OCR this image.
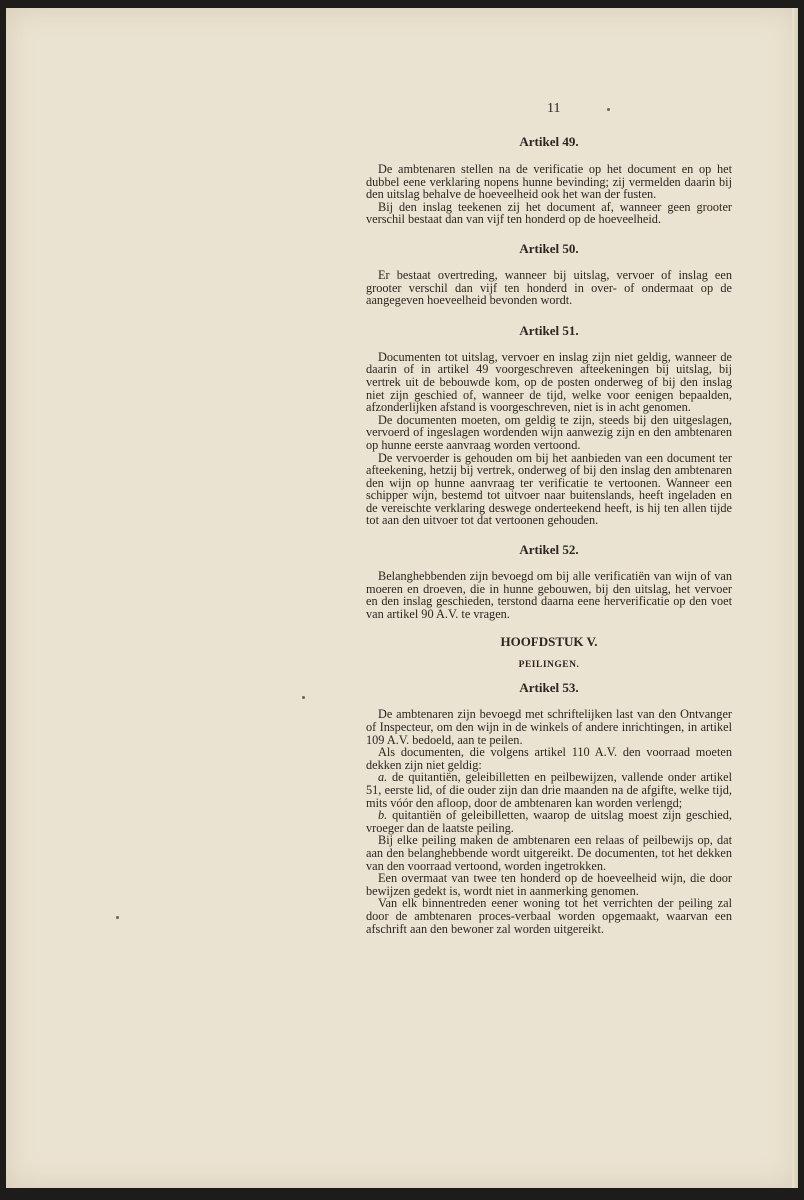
11
Artikel 49.

De ambtenaren stellen na de verificatie op het document en op het dubbel eene verklaring nopens hunne bevinding; zij vermelden daarin bij den uitslag behalve de hoeveelheid ook het wan der fusten.

Bij den inslag teekenen zij het document af, wanneer geen grooter verschil bestaat dan van vijf ten honderd op de hoeveelheid.

Artikel 50.

Er bestaat overtreding, wanneer bij uitslag, vervoer of inslag een grooter verschil dan vijf ten honderd in over- of ondermaat op de aangegeven hoeveelheid bevonden wordt.

Artikel 51.

Documenten tot uitslag, vervoer en inslag zijn niet geldig, wanneer de daarin of in artikel 49 voorgeschreven afteekeningen bij uitslag, bij vertrek uit de bebouwde kom, op de posten onderweg of bij den inslag niet zijn geschied of, wanneer de tijd, welke voor eenigen bepaalden, afzonderlijken afstand is voorgeschreven, niet is in acht genomen.

De documenten moeten, om geldig te zijn, steeds bij den uitgeslagen, vervoerd of ingeslagen wordenden wijn aanwezig zijn en den ambtenaren op hunne eerste aanvraag worden vertoond.

De vervoerder is gehouden om bij het aanbieden van een document ter afteekening, hetzij bij vertrek, onderweg of bij den inslag den ambtenaren den wijn op hunne aanvraag ter verificatie te vertoonen. Wanneer een schipper wijn, bestemd tot uitvoer naar buitenslands, heeft ingeladen en de vereischte verklaring deswege onderteekend heeft, is hij ten allen tijde tot aan den uitvoer tot dat vertoonen gehouden.

Artikel 52.

Belanghebbenden zijn bevoegd om bij alle verificatiën van wijn of van moeren en droeven, die in hunne gebouwen, bij den uitslag, het vervoer en den inslag geschieden, terstond daarna eene herverificatie op den voet van artikel 90 A.V. te vragen.

HOOFDSTUK V.
PEILINGEN.
Artikel 53.

De ambtenaren zijn bevoegd met schriftelijken last van den Ontvanger of Inspecteur, om den wijn in de winkels of andere inrichtingen, in artikel 109 A.V. bedoeld, aan te peilen.

Als documenten, die volgens artikel 110 A.V. den voorraad moeten dekken zijn niet geldig:

a. de quitantiën, geleibilletten en peilbewijzen, vallende onder artikel 51, eerste lid, of die ouder zijn dan drie maanden na de afgifte, welke tijd, mits vóór den afloop, door de ambtenaren kan worden verlengd;

b. quitantiën of geleibilletten, waarop de uitslag moest zijn geschied, vroeger dan de laatste peiling.

Bij elke peiling maken de ambtenaren een relaas of peilbewijs op, dat aan den belanghebbende wordt uitgereikt. De documenten, tot het dekken van den voorraad vertoond, worden ingetrokken.

Een overmaat van twee ten honderd op de hoeveelheid wijn, die door bewijzen gedekt is, wordt niet in aanmerking genomen.

Van elk binnentreden eener woning tot het verrichten der peiling zal door de ambtenaren proces-verbaal worden opgemaakt, waarvan een afschrift aan den bewoner zal worden uitgereikt.
